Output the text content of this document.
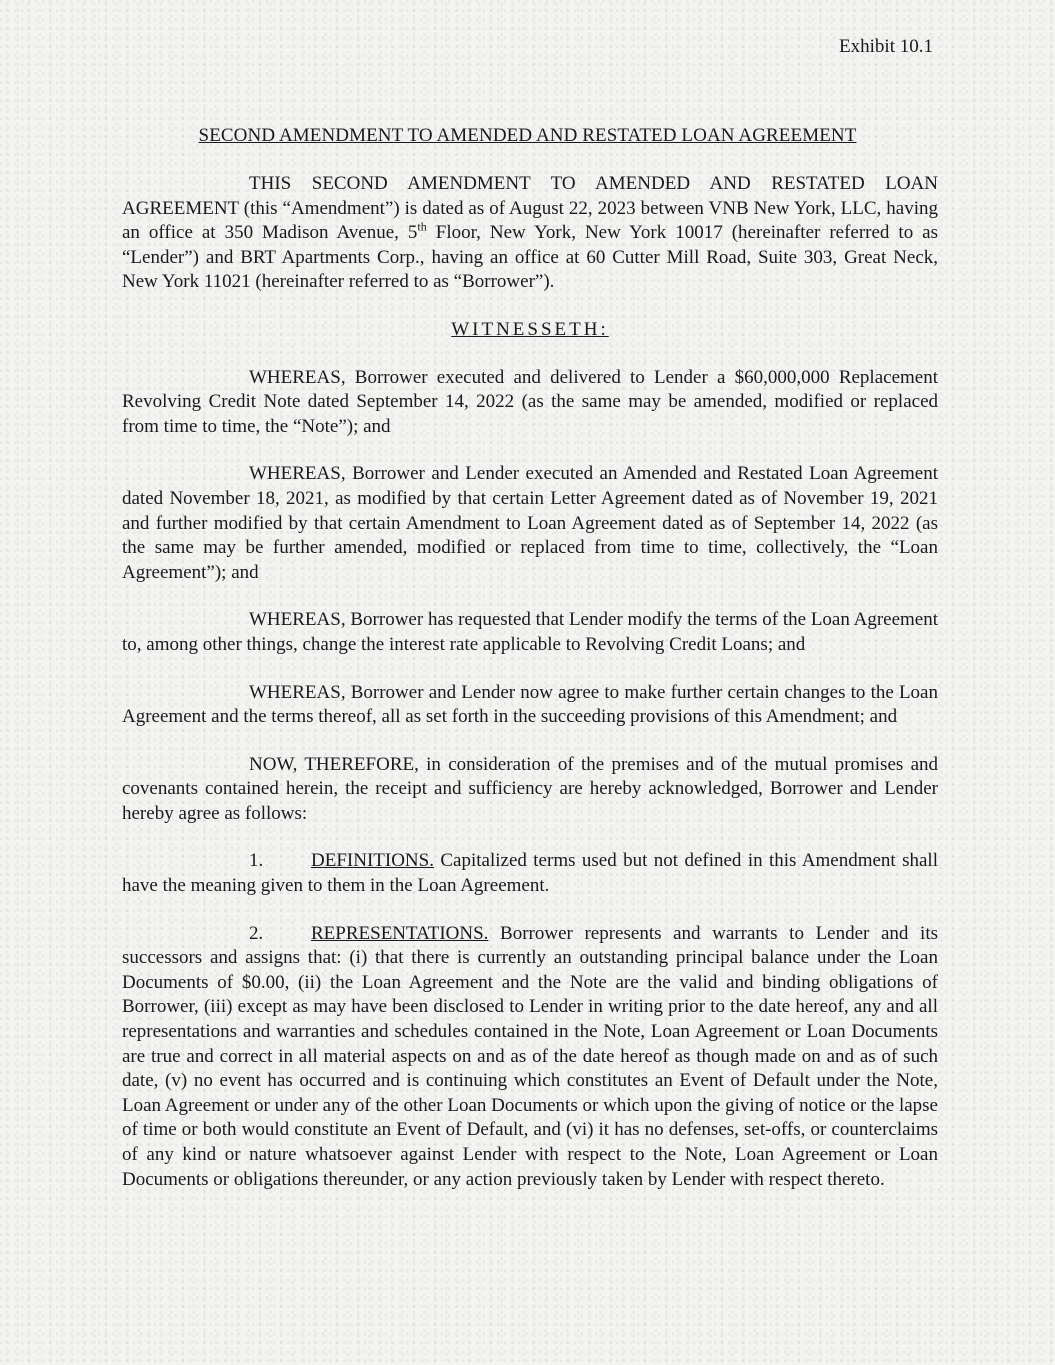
Exhibit 10.1

SECOND AMENDMENT TO AMENDED AND RESTATED LOAN AGREEMENT

THIS SECOND AMENDMENT TO AMENDED AND RESTATED LOAN AGREEMENT (this “Amendment”) is dated as of August 22, 2023 between VNB New York, LLC, having an office at 350 Madison Avenue, 5th Floor, New York, New York 10017 (hereinafter referred to as “Lender”) and BRT Apartments Corp., having an office at 60 Cutter Mill Road, Suite 303, Great Neck, New York 11021 (hereinafter referred to as “Borrower”).

WITNESSETH:

WHEREAS, Borrower executed and delivered to Lender a $60,000,000 Replacement Revolving Credit Note dated September 14, 2022 (as the same may be amended, modified or replaced from time to time, the “Note”); and

WHEREAS, Borrower and Lender executed an Amended and Restated Loan Agreement dated November 18, 2021, as modified by that certain Letter Agreement dated as of November 19, 2021 and further modified by that certain Amendment to Loan Agreement dated as of September 14, 2022 (as the same may be further amended, modified or replaced from time to time, collectively, the “Loan Agreement”); and

WHEREAS, Borrower has requested that Lender modify the terms of the Loan Agreement to, among other things, change the interest rate applicable to Revolving Credit Loans; and

WHEREAS, Borrower and Lender now agree to make further certain changes to the Loan Agreement and the terms thereof, all as set forth in the succeeding provisions of this Amendment; and

NOW, THEREFORE, in consideration of the premises and of the mutual promises and covenants contained herein, the receipt and sufficiency are hereby acknowledged, Borrower and Lender hereby agree as follows:

1.	DEFINITIONS. Capitalized terms used but not defined in this Amendment shall have the meaning given to them in the Loan Agreement.

2.	REPRESENTATIONS. Borrower represents and warrants to Lender and its successors and assigns that: (i) that there is currently an outstanding principal balance under the Loan Documents of $0.00, (ii) the Loan Agreement and the Note are the valid and binding obligations of Borrower, (iii) except as may have been disclosed to Lender in writing prior to the date hereof, any and all representations and warranties and schedules contained in the Note, Loan Agreement or Loan Documents are true and correct in all material aspects on and as of the date hereof as though made on and as of such date, (v) no event has occurred and is continuing which constitutes an Event of Default under the Note, Loan Agreement or under any of the other Loan Documents or which upon the giving of notice or the lapse of time or both would constitute an Event of Default, and (vi) it has no defenses, set-offs, or counterclaims of any kind or nature whatsoever against Lender with respect to the Note, Loan Agreement or Loan Documents or obligations thereunder, or any action previously taken by Lender with respect thereto.
